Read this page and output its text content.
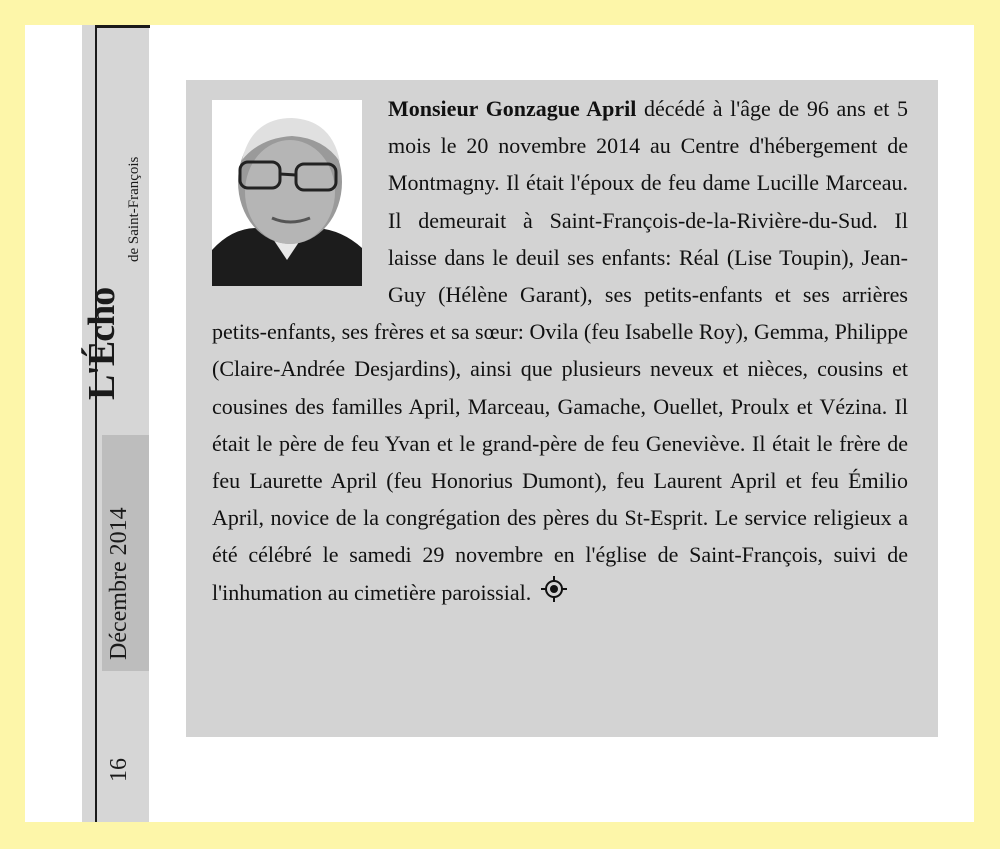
de Saint-François
L'Écho
Décembre 2014
16
Monsieur Gonzague April
décédé à l'âge de 96 ans et 5 mois le 20 novembre 2014 au Centre d'hébergement de Montmagny. Il était l'époux de feu dame Lucille Marceau. Il demeurait à Saint-François-de-la-Rivière-du-Sud. Il laisse dans le deuil ses enfants: Réal (Lise Toupin), Jean-Guy (Hélène Garant), ses petits-enfants et ses arrières petits-enfants, ses frères et sa sœur: Ovila (feu Isabelle Roy), Gemma, Philippe (Claire-Andrée Desjardins), ainsi que plusieurs neveux et nièces, cousins et cousines des familles April, Marceau, Gamache, Ouellet, Proulx et Vézina. Il était le père de feu Yvan et le grand-père de feu Geneviève. Il était le frère de feu Laurette April (feu Honorius Dumont), feu Laurent April et feu Émilio April, novice de la congrégation des pères du St-Esprit. Le service religieux a été célébré le samedi 29 novembre en l'église de Saint-François, suivi de l'inhumation au cimetière paroissial.
